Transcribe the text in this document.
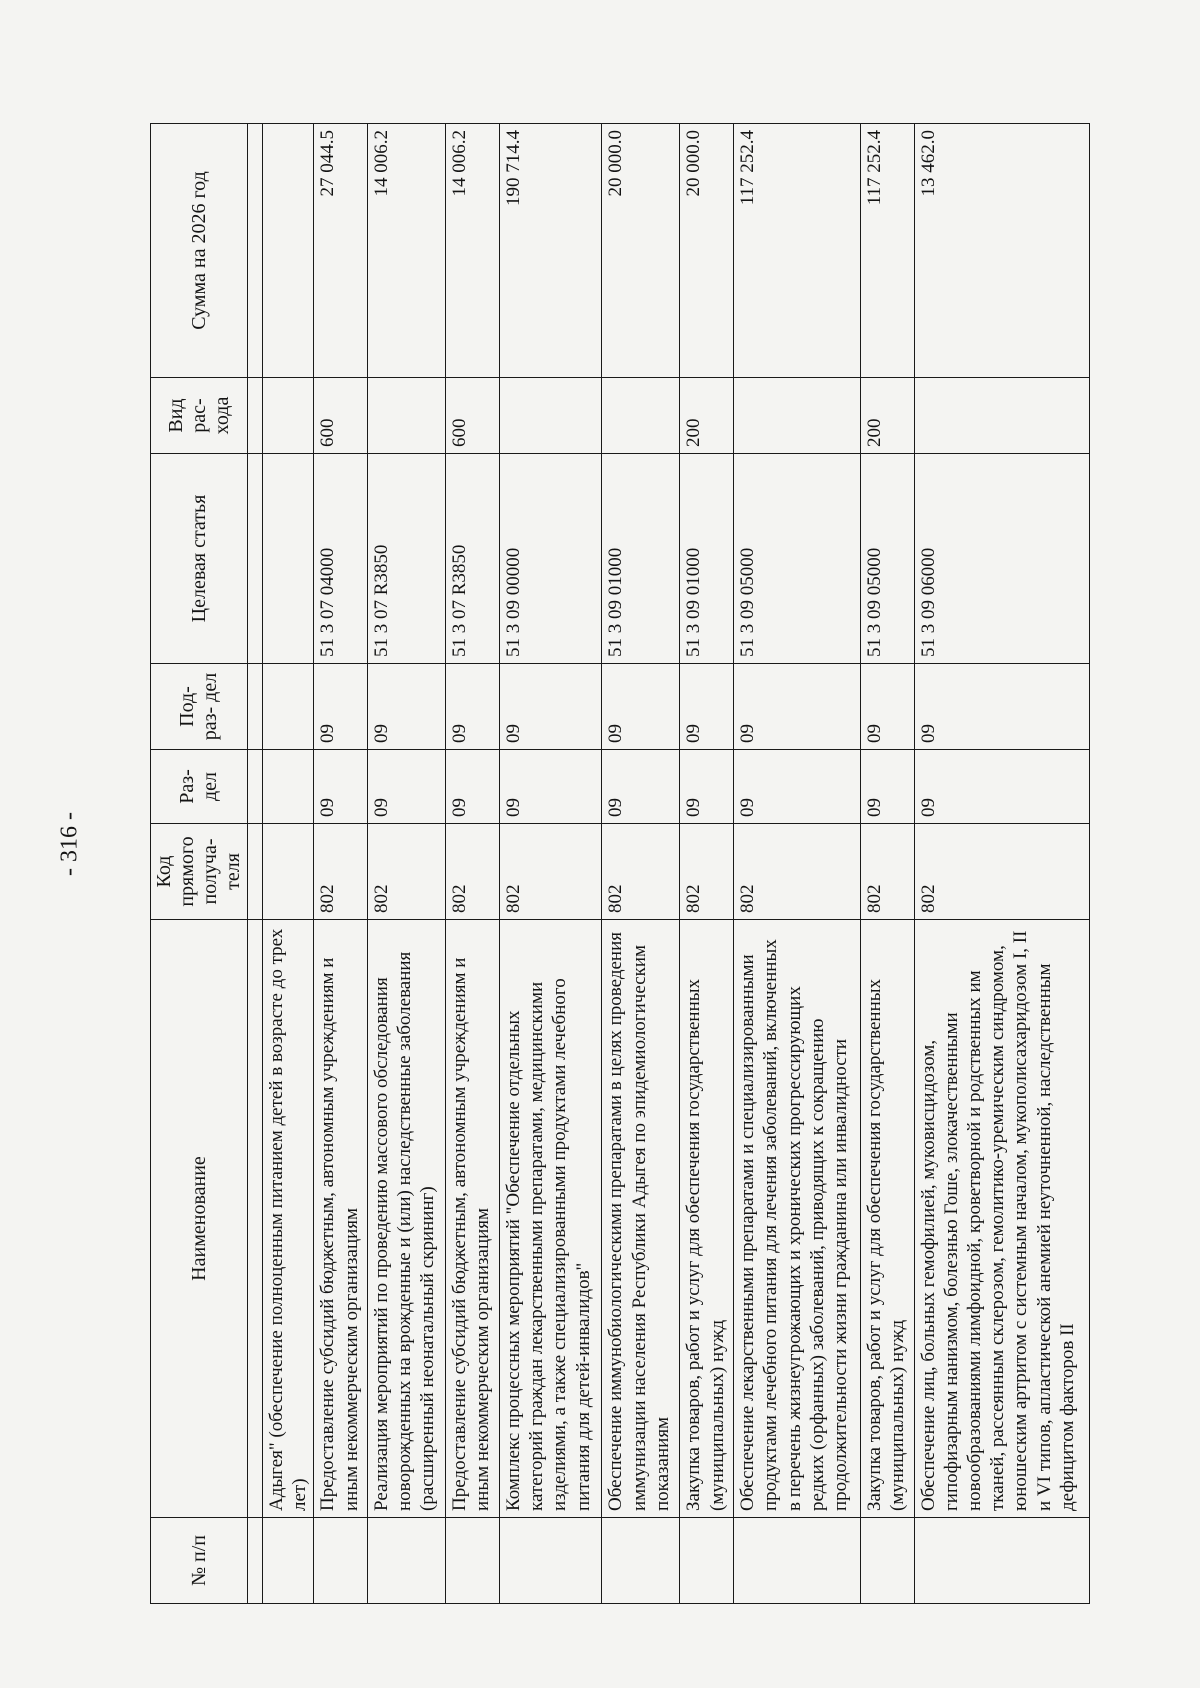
- 316 -
№ п/п	Наименование	Код прямого получа- теля	Раз- дел	Под- раз- дел	Целевая статья	Вид рас- хода	Сумма на 2026 год

	Адыгея" (обеспечение полноценным питанием детей в возрасте до трех лет)						
	Предоставление субсидий бюджетным, автономным учреждениям и иным некоммерческим организациям	802	09	09	51 3 07 04000	600	27 044.5
	Реализация мероприятий по проведению массового обследования новорожденных на врожденные и (или) наследственные заболевания (расширенный неонатальный скрининг)	802	09	09	51 3 07 R3850		14 006.2
	Предоставление субсидий бюджетным, автономным учреждениям и иным некоммерческим организациям	802	09	09	51 3 07 R3850	600	14 006.2
	Комплекс процессных мероприятий "Обеспечение отдельных категорий граждан лекарственными препаратами, медицинскими изделиями, а также специализированными продуктами лечебного питания для детей-инвалидов"	802	09	09	51 3 09 00000		190 714.4
	Обеспечение иммунобиологическими препаратами в целях проведения иммунизации населения Республики Адыгея по эпидемиологическим показаниям	802	09	09	51 3 09 01000		20 000.0
	Закупка товаров, работ и услуг для обеспечения государственных (муниципальных) нужд	802	09	09	51 3 09 01000	200	20 000.0
	Обеспечение лекарственными препаратами и специализированными продуктами лечебного питания для лечения заболеваний, включенных в перечень жизнеугрожающих и хронических прогрессирующих редких (орфанных) заболеваний, приводящих к сокращению продолжительности жизни гражданина или инвалидности	802	09	09	51 3 09 05000		117 252.4
	Закупка товаров, работ и услуг для обеспечения государственных (муниципальных) нужд	802	09	09	51 3 09 05000	200	117 252.4
	Обеспечение лиц, больных гемофилией, муковисцидозом, гипофизарным нанизмом, болезнью Гоше, злокачественными новообразованиями лимфоидной, кроветворной и родственных им тканей, рассеянным склерозом, гемолитико-уремическим синдромом, юношеским артритом с системным началом, мукополисахаридозом I, II и VI типов, апластической анемией неуточненной, наследственным дефицитом факторов II	802	09	09	51 3 09 06000		13 462.0
